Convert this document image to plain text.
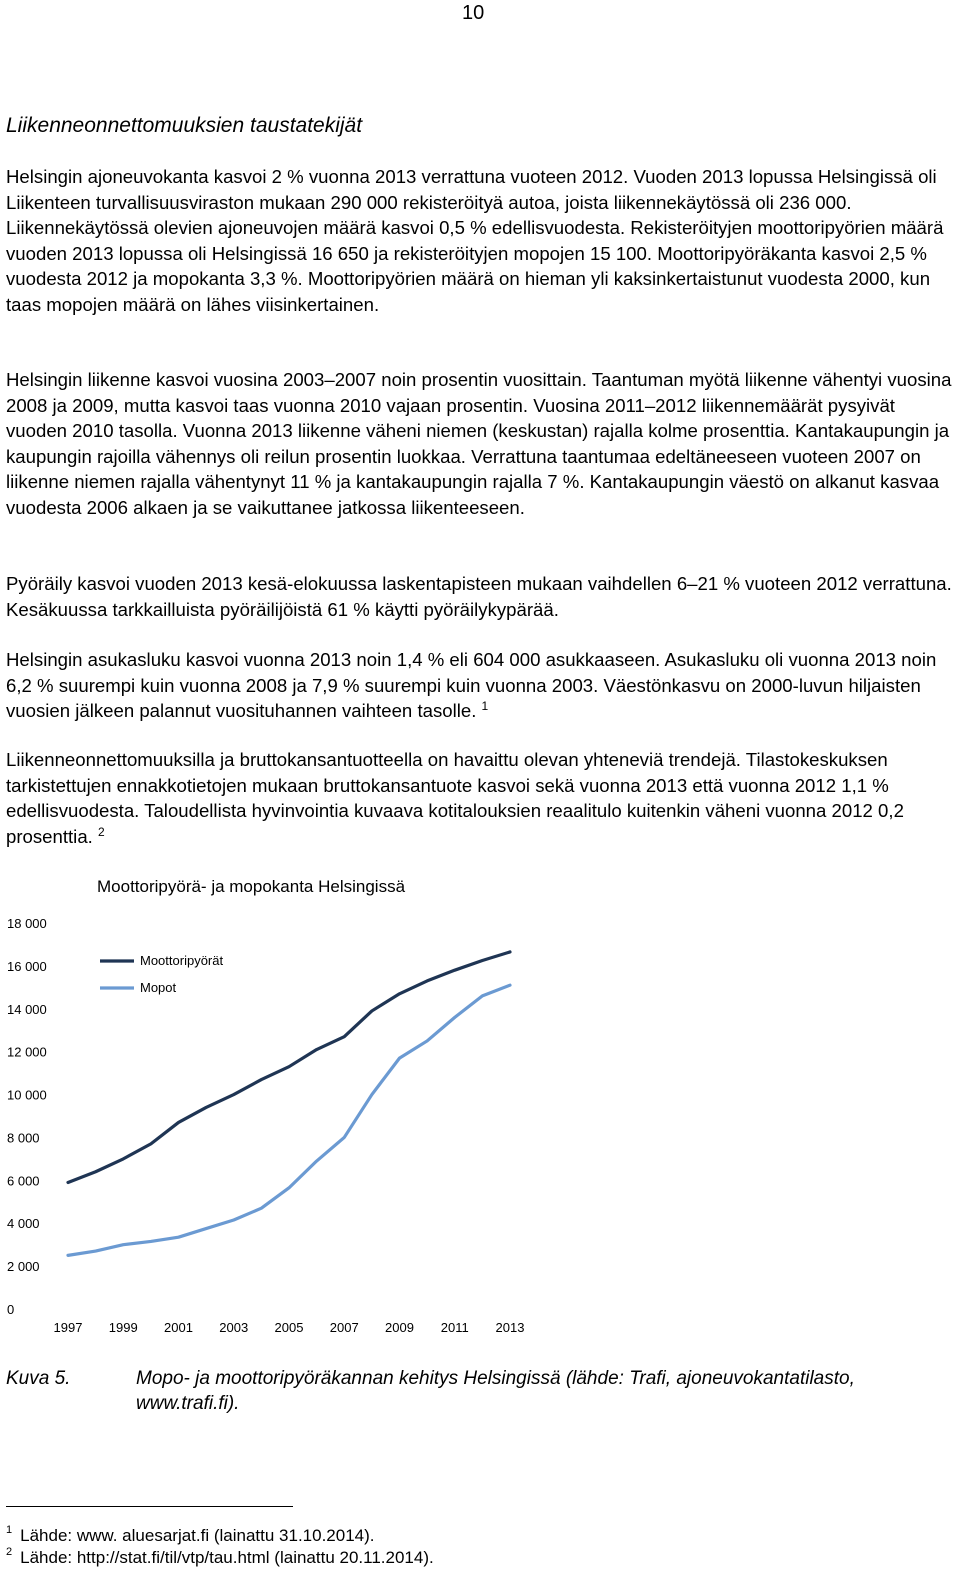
10
Liikenneonnettomuuksien taustatekijät

Helsingin ajoneuvokanta kasvoi 2 % vuonna 2013 verrattuna vuoteen 2012. Vuoden 2013 lopussa Helsingissä oli Liikenteen turvallisuusviraston mukaan 290 000 rekisteröityä autoa, joista liikennekäytössä oli 236 000. Liikennekäytössä olevien ajoneuvojen määrä kasvoi 0,5 % edellisvuodesta. Rekisteröityjen moottoripyörien määrä vuoden 2013 lopussa oli Helsingissä 16 650 ja rekisteröityjen mopojen 15 100. Moottoripyöräkanta kasvoi 2,5 % vuodesta 2012 ja mopokanta 3,3 %. Moottoripyörien määrä on hieman yli kaksinkertaistunut vuodesta 2000, kun taas mopojen määrä on lähes viisinkertainen.

Helsingin liikenne kasvoi vuosina 2003–2007 noin prosentin vuosittain. Taantuman myötä liikenne vähentyi vuosina 2008 ja 2009, mutta kasvoi taas vuonna 2010 vajaan prosentin. Vuosina 2011–2012 liikennemäärät pysyivät vuoden 2010 tasolla. Vuonna 2013 liikenne väheni niemen (keskustan) rajalla kolme prosenttia. Kantakaupungin ja kaupungin rajoilla vähennys oli reilun prosentin luokkaa. Verrattuna taantumaa edeltäneeseen vuoteen 2007 on liikenne niemen rajalla vähentynyt 11 % ja kantakaupungin rajalla 7 %. Kantakaupungin väestö on alkanut kasvaa vuodesta 2006 alkaen ja se vaikuttanee jatkossa liikenteeseen.

Pyöräily kasvoi vuoden 2013 kesä-elokuussa laskentapisteen mukaan vaihdellen 6–21 % vuoteen 2012 verrattuna. Kesäkuussa tarkkailluista pyöräilijöistä 61 % käytti pyöräilykypärää.

Helsingin asukasluku kasvoi vuonna 2013 noin 1,4 % eli 604 000 asukkaaseen. Asukasluku oli vuonna 2013 noin 6,2 % suurempi kuin vuonna 2008 ja 7,9 % suurempi kuin vuonna 2003. Väestönkasvu on 2000-luvun hiljaisten vuosien jälkeen palannut vuosituhannen vaihteen tasolle. $^1$

Liikenneonnettomuuksilla ja bruttokansantuotteella on havaittu olevan yhteneviä trendejä. Tilastokeskuksen tarkistettujen ennakkotietojen mukaan bruttokansantuote kasvoi sekä vuonna 2013 että vuonna 2012 1,1 % edellisvuodesta. Taloudellista hyvinvointia kuvaava kotitalouksien reaalitulo kuitenkin väheni vuonna 2012 0,2 prosenttia. $^2$

Moottoripyörä- ja mopokanta Helsingissä
0
2 000
4 000
6 000
8 000
10 000
12 000
14 000
16 000
18 000
1997 1999 2001 2003 2005 2007 2009 2011 2013
Moottoripyörät
Mopot
Kuva 5.	Mopo- ja moottoripyöräkannan kehitys Helsingissä (lähde: Trafi, ajoneuvokantatilasto, www.trafi.fi).
$^1$ Lähde: www. aluesarjat.fi (lainattu 31.10.2014).
$^2$ Lähde: http://stat.fi/til/vtp/tau.html (lainattu 20.11.2014).
